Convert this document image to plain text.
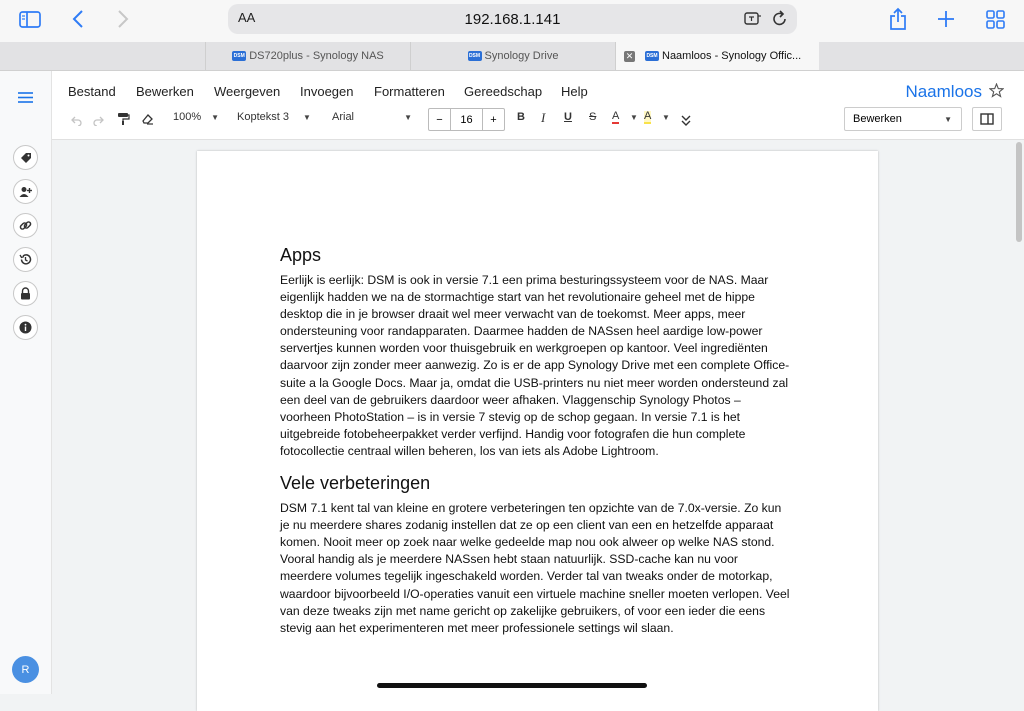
AA	192.168.1.141
DSM DS720plus - Synology NAS	DSM Synology Drive	✕	DSM Naamloos - Synology Offic...
R
Bestand Bewerken Weergeven Invoegen Formatteren Gereedschap Help	Naamloos
100% ▼ Koptekst 3 ▼ Arial	▼	−	16	+	B I U S A ▼ A ▼	Bewerken	▼
Apps

Eerlijk is eerlijk: DSM is ook in versie 7.1 een prima besturingssysteem voor de NAS. Maar eigenlijk hadden we na de stormachtige start van het revolutionaire geheel met de hippe desktop die in je browser draait wel meer verwacht van de toekomst. Meer apps, meer ondersteuning voor randapparaten. Daarmee hadden de NASsen heel aardige low-power servertjes kunnen worden voor thuisgebruik en werkgroepen op kantoor. Veel ingrediënten daarvoor zijn zonder meer aanwezig. Zo is er de app Synology Drive met een complete Office-suite a la Google Docs. Maar ja, omdat die USB-printers nu niet meer worden ondersteund zal een deel van de gebruikers daardoor weer afhaken. Vlaggenschip Synology Photos – voorheen PhotoStation – is in versie 7 stevig op de schop gegaan. In versie 7.1 is het uitgebreide fotobeheerpakket verder verfijnd. Handig voor fotografen die hun complete fotocollectie centraal willen beheren, los van iets als Adobe Lightroom.

Vele verbeteringen

DSM 7.1 kent tal van kleine en grotere verbeteringen ten opzichte van de 7.0x-versie. Zo kun je nu meerdere shares zodanig instellen dat ze op een client van een en hetzelfde apparaat komen. Nooit meer op zoek naar welke gedeelde map nou ook alweer op welke NAS stond. Vooral handig als je meerdere NASsen hebt staan natuurlijk. SSD-cache kan nu voor meerdere volumes tegelijk ingeschakeld worden. Verder tal van tweaks onder de motorkap, waardoor bijvoorbeeld I/O-operaties vanuit een virtuele machine sneller moeten verlopen. Veel van deze tweaks zijn met name gericht op zakelijke gebruikers, of voor een ieder die eens stevig aan het experimenteren met meer professionele settings wil slaan.
